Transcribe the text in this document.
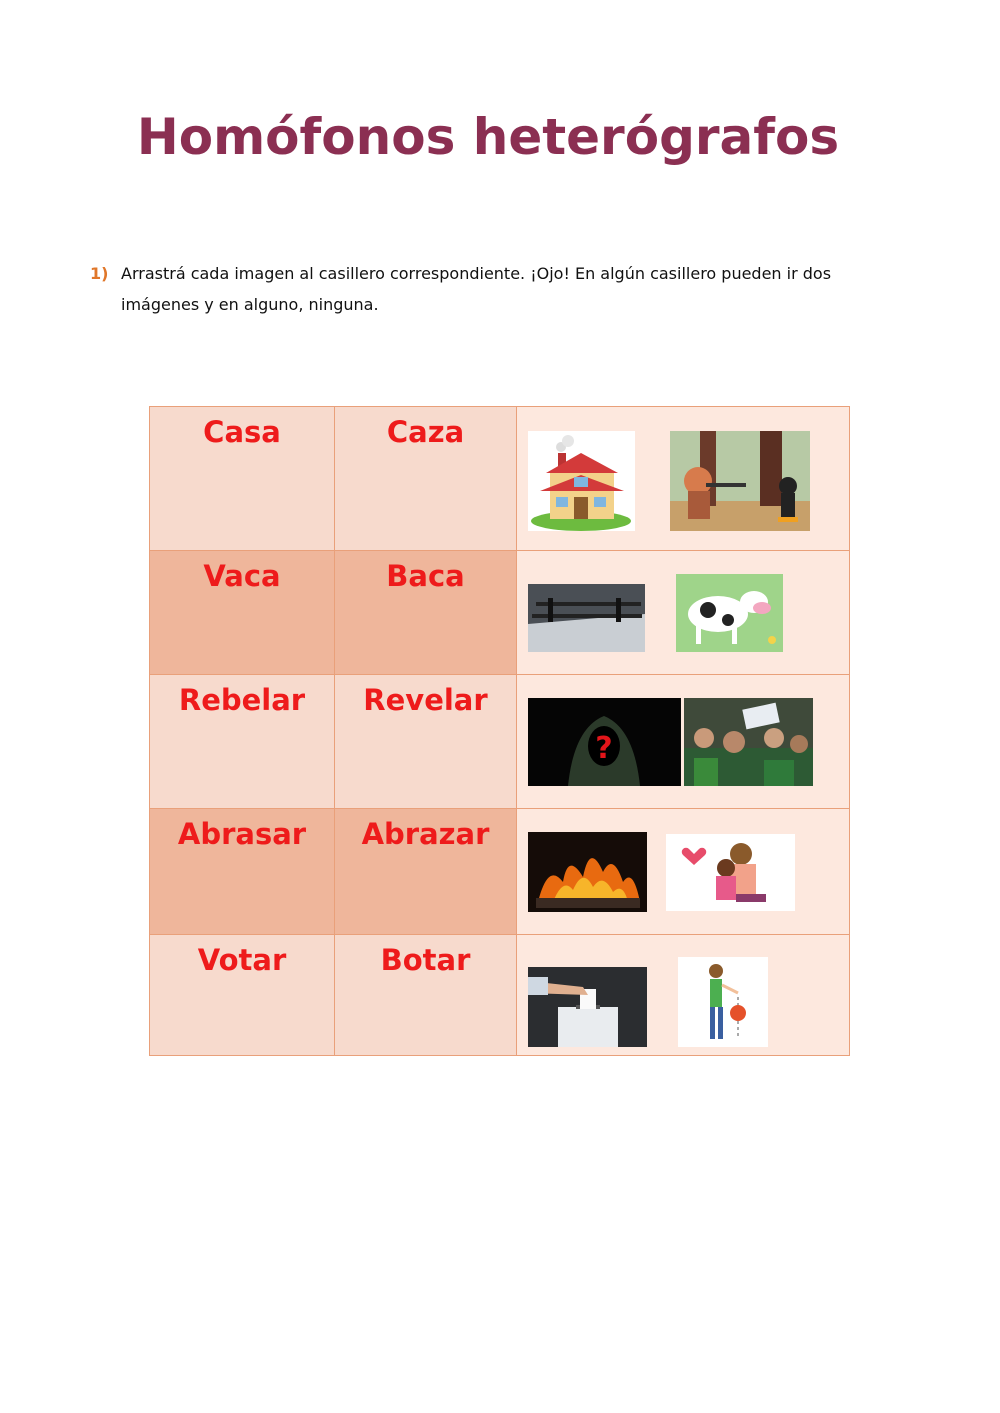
Homófonos heterógrafos
1) Arrastrá cada imagen al casillero correspondiente. ¡Ojo! En algún casillero pueden ir dos imágenes y en alguno, ninguna.
Casa	Caza
Vaca	Baca
Rebelar	Revelar
?
Abrasar	Abrazar
Votar	Botar
